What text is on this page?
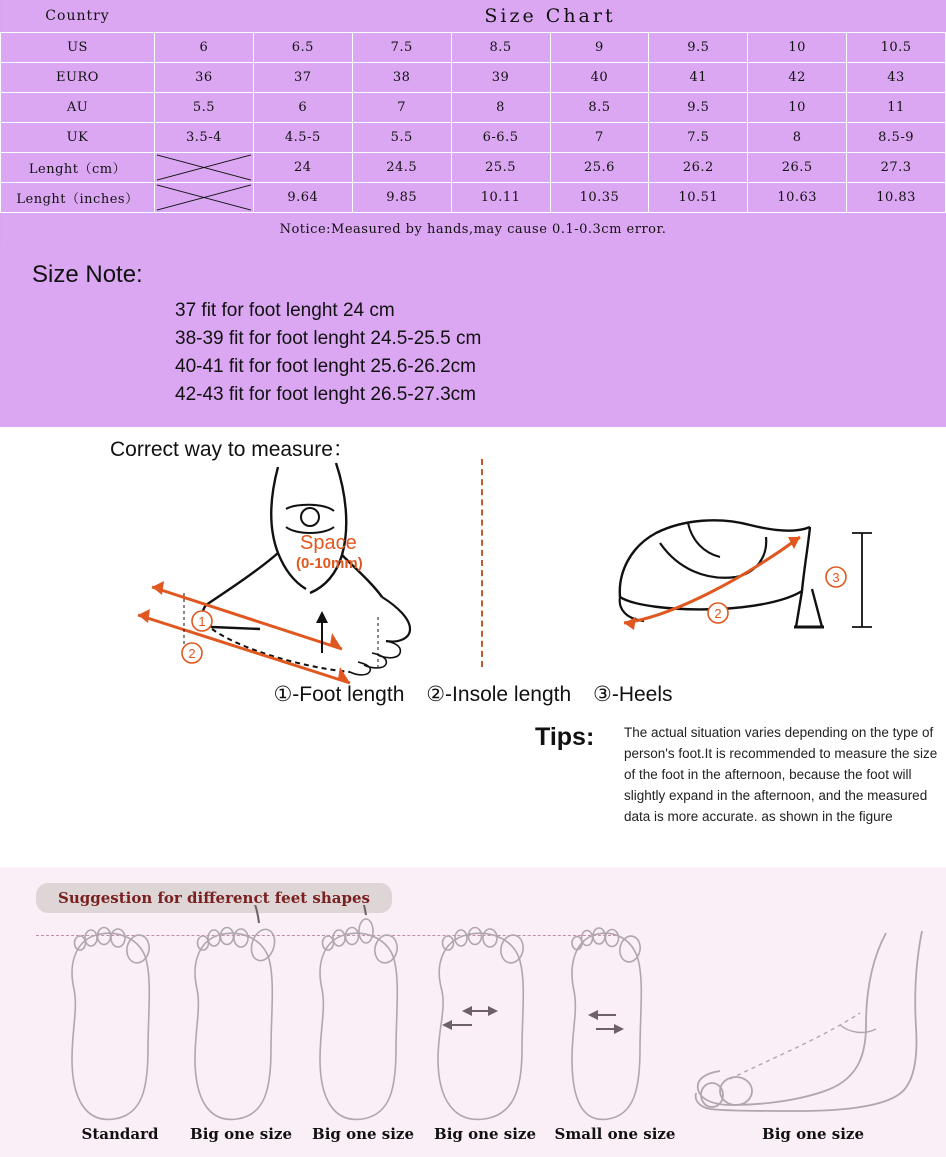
Country	Size Chart							

US	6	6.5	7.5	8.5	9	9.5	10	10.5
EURO	36	37	38	39	40	41	42	43
AU	5.5	6	7	8	8.5	9.5	10	11
UK	3.5-4	4.5-5	5.5	6-6.5	7	7.5	8	8.5-9
Lenght（cm）		24	24.5	25.5	25.6	26.2	26.5	27.3
Lenght（inches）		9.64	9.85	10.11	10.35	10.51	10.63	10.83
Notice:Measured by hands,may cause 0.1-0.3cm error.								
Size Note:
37 fit for foot lenght 24 cm
38-39 fit for foot lenght 24.5-25.5 cm
40-41 fit for foot lenght 25.6-26.2cm
42-43 fit for foot lenght 26.5-27.3cm
Correct way to measure：
1
2
Space
(0-10mm)
2
3
①-Foot length ②-Insole length ③-Heels
Tips: The actual situation varies depending on the type of person's foot.It is recommended to measure the size of the foot in the afternoon, because the foot will slightly expand in the afternoon, and the measured data is more accurate. as shown in the figure
Suggestion for differenct feet shapes
Standard	Big one size	Big one size	Big one size	Small one size	Big one size
